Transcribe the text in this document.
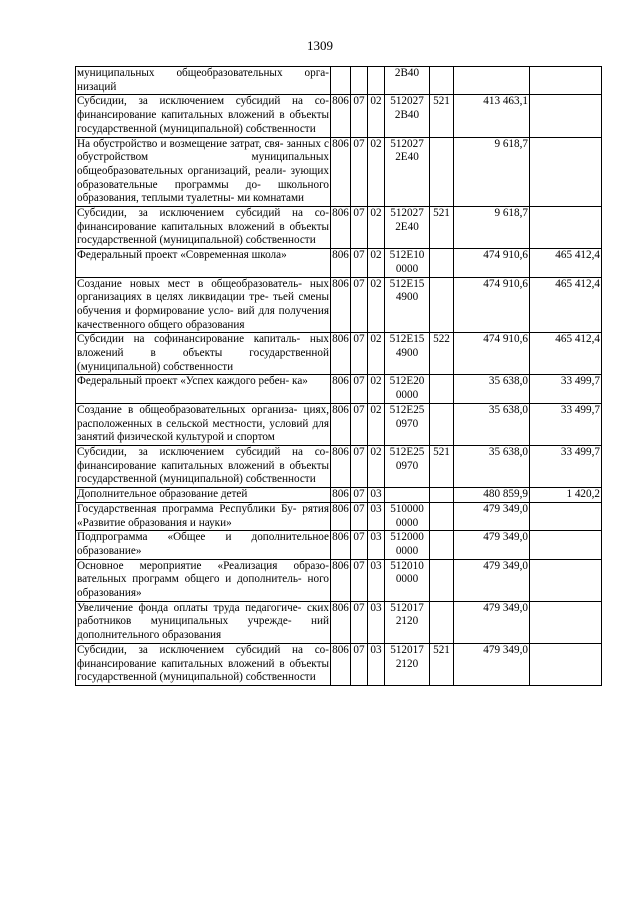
1309
муниципальных общеобразовательных орга- низаций				2В40			
Субсидии, за исключением субсидий на со- финансирование капитальных вложений в объекты государственной (муниципальной) собственности	806	07	02	512027 2В40	521	413 463,1	
На обустройство и возмещение затрат, свя- занных с обустройством муниципальных общеобразовательных организаций, реали- зующих образовательные программы до- школьного образования, теплыми туалетны- ми комнатами	806	07	02	512027 2Е40		9 618,7	
Субсидии, за исключением субсидий на со- финансирование капитальных вложений в объекты государственной (муниципальной) собственности	806	07	02	512027 2Е40	521	9 618,7	
Федеральный проект «Современная школа»	806	07	02	512Е10 0000		474 910,6	465 412,4
Создание новых мест в общеобразователь- ных организациях в целях ликвидации тре- тьей смены обучения и формирование усло- вий для получения качественного общего образования	806	07	02	512Е15 4900		474 910,6	465 412,4
Субсидии на софинансирование капиталь- ных вложений в объекты государственной (муниципальной) собственности	806	07	02	512Е15 4900	522	474 910,6	465 412,4
Федеральный проект «Успех каждого ребен- ка»	806	07	02	512Е20 0000		35 638,0	33 499,7
Создание в общеобразовательных организа- циях, расположенных в сельской местности, условий для занятий физической культурой и спортом	806	07	02	512Е25 0970		35 638,0	33 499,7
Субсидии, за исключением субсидий на со- финансирование капитальных вложений в объекты государственной (муниципальной) собственности	806	07	02	512Е25 0970	521	35 638,0	33 499,7
Дополнительное образование детей	806	07	03			480 859,9	1 420,2
Государственная программа Республики Бу- рятия «Развитие образования и науки»	806	07	03	510000 0000		479 349,0	
Подпрограмма «Общее и дополнительное образование»	806	07	03	512000 0000		479 349,0	
Основное мероприятие «Реализация образо- вательных программ общего и дополнитель- ного образования»	806	07	03	512010 0000		479 349,0	
Увеличение фонда оплаты труда педагогиче- ских работников муниципальных учрежде- ний дополнительного образования	806	07	03	512017 2120		479 349,0	
Субсидии, за исключением субсидий на со- финансирование капитальных вложений в объекты государственной (муниципальной) собственности	806	07	03	512017 2120	521	479 349,0	
